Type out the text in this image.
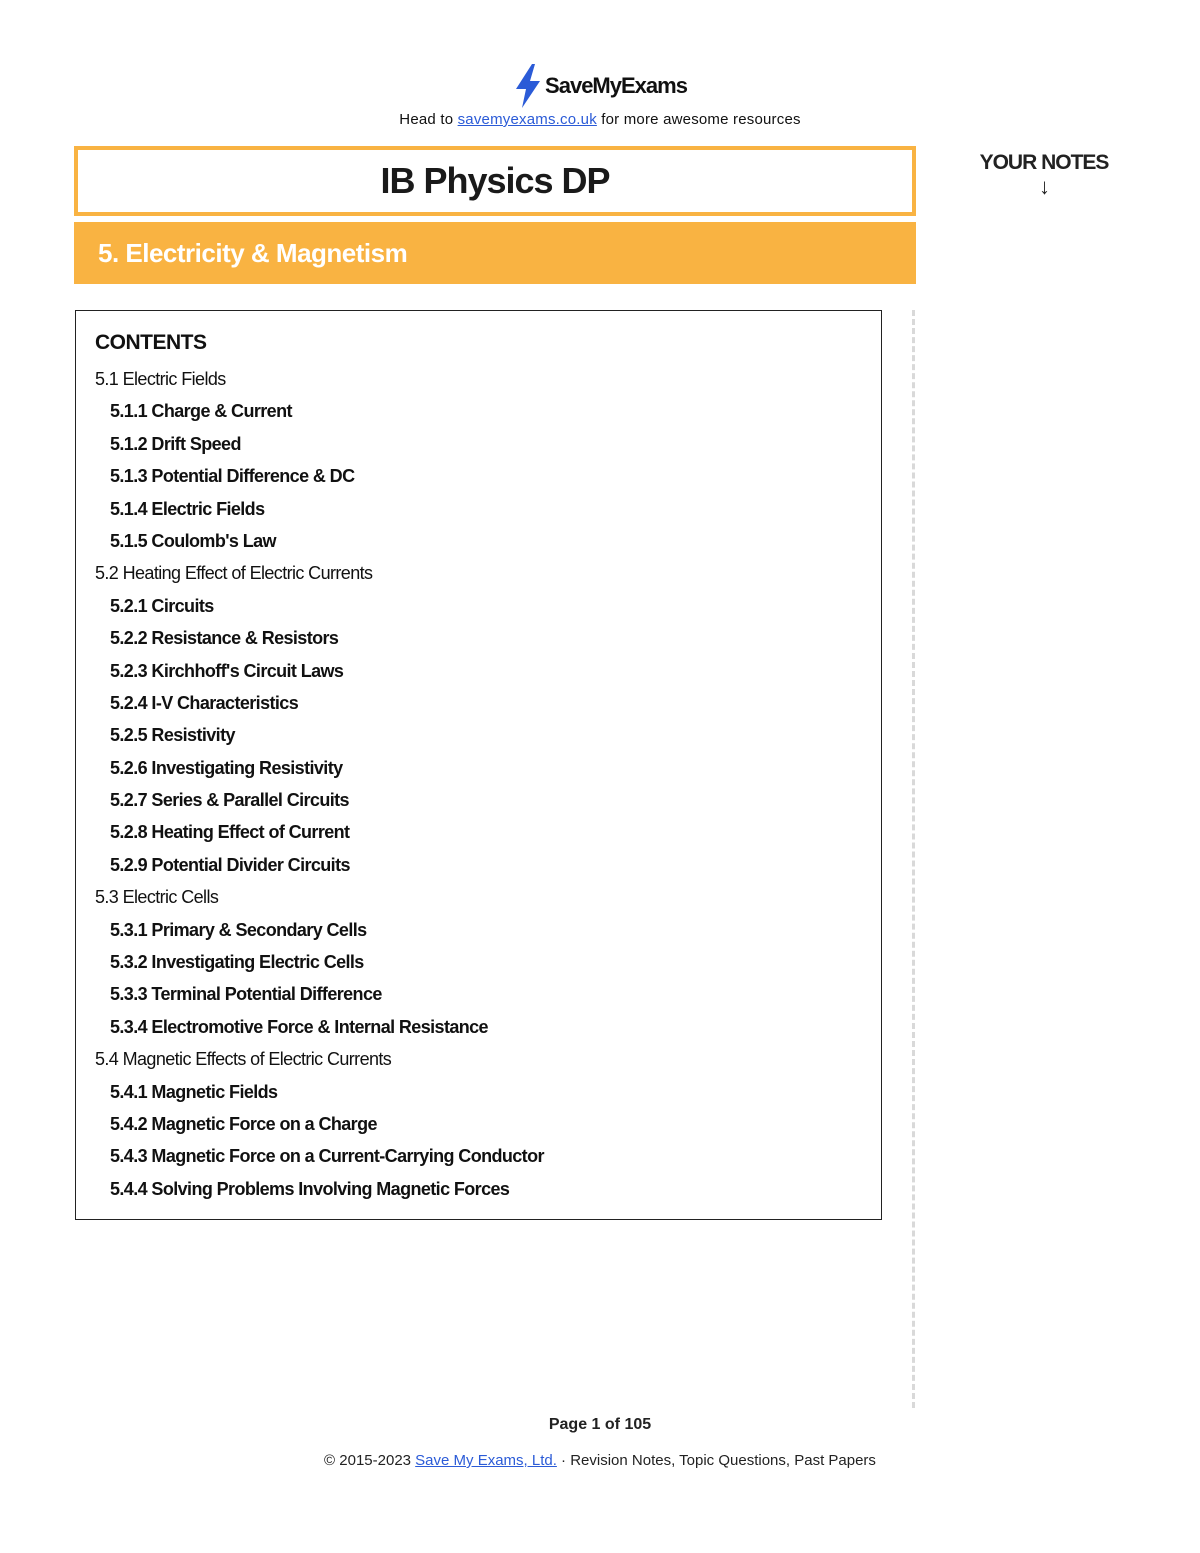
SaveMyExams
Head to savemyexams.co.uk for more awesome resources
IB Physics DP
5. Electricity & Magnetism
YOUR NOTES
↓
CONTENTS
5.1 Electric Fields
5.1.1 Charge & Current
5.1.2 Drift Speed
5.1.3 Potential Difference & DC
5.1.4 Electric Fields
5.1.5 Coulomb's Law
5.2 Heating Effect of Electric Currents
5.2.1 Circuits
5.2.2 Resistance & Resistors
5.2.3 Kirchhoff's Circuit Laws
5.2.4 I-V Characteristics
5.2.5 Resistivity
5.2.6 Investigating Resistivity
5.2.7 Series & Parallel Circuits
5.2.8 Heating Effect of Current
5.2.9 Potential Divider Circuits
5.3 Electric Cells
5.3.1 Primary & Secondary Cells
5.3.2 Investigating Electric Cells
5.3.3 Terminal Potential Difference
5.3.4 Electromotive Force & Internal Resistance
5.4 Magnetic Effects of Electric Currents
5.4.1 Magnetic Fields
5.4.2 Magnetic Force on a Charge
5.4.3 Magnetic Force on a Current-Carrying Conductor
5.4.4 Solving Problems Involving Magnetic Forces
Page 1 of 105
© 2015-2023 Save My Exams, Ltd. · Revision Notes, Topic Questions, Past Papers
